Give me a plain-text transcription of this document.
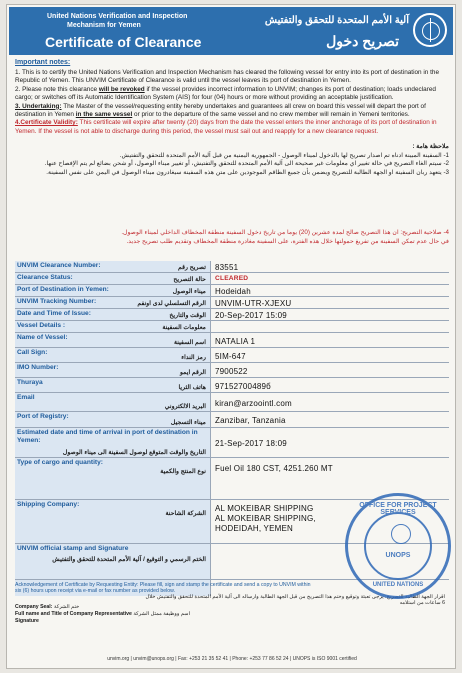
United Nations Verification and Inspection
Mechanism for Yemen
Certificate of Clearance
آلية الأمم المتحدة للتحقق والتفتيش
تصريح دخول
Important notes:
1. This is to certify the United Nations Verification and Inspection Mechanism has cleared the following vessel for entry into its port of destination in the Republic of Yemen. This UNVIM Certificate of Clearance is valid until the vessel leaves its port of destination in Yemen.
2. Please note this clearance will be revoked if the vessel provides incorrect information to UNVIM; changes its port of destination; loads undeclared cargo; or switches off its Automatic Identification System (AIS) for four (04) hours or more without providing an acceptable justification.
3. Undertaking: The Master of the vessel/requesting entity hereby undertakes and guarantees all crew on board this vessel will depart the port of destination in Yemen in the same vessel or prior to the departure of the same vessel and no crew member will remain in Yemeni territories.
4.Certificate Validity: This certificate will expire after twenty (20) days from the date the vessel enters the inner anchorage of its port of destination in Yemen. If the vessel is not able to discharge during this period, the vessel must sail out and reapply for a new clearance request.
ملاحظة هامة :
1- السفينة المبينة ادناه تم اصدار تصريح لها بالدخول لميناء الوصول - الجمهورية اليمنية من قبل آلية الأمم المتحدة للتحقق والتفتيش.
2- سيتم الغاء التصريح في حالة تغيير اي معلومات غير صحيحة الى آلية الأمم المتحدة للتحقق والتفتيش، أو تغيير ميناء الوصول، أو شحن بضائع لم يتم الإفصاح عنها.
3- يتعهد ربان السفينة او الجهة الطالبة للتصريح ويضمن بأن جميع الطاقم الموجودين على متن هذه السفينة سيغادرون ميناء الوصول في اليمن على نفس السفينة.
4- صلاحية التصريح: ان هذا التصريح صالح لمدة عشرين (20) يوما من تاريخ دخول السفينة منطقة المخطاف الداخلي لميناء الوصول.
في حال عدم تمكن السفينة من تفريغ حمولتها خلال هذه الفترة، على السفينة مغادرة منطقة المخطاف وتقديم طلب تصريح جديد.
UNVIM Clearance Number:	تصريح رقم 83551
Clearance Status:	حالة التصريح CLEARED
Port of Destination in Yemen:	ميناء الوصول Hodeidah
UNVIM Tracking Number:	الرقم التسلسلي لدى اونفم UNVIM-UTR-XJEXU
Date and Time of Issue:	الوقت والتاريخ 20-Sep-2017 15:09
Vessel Details :	معلومات السفينة
Name of Vessel:
اسم السفينة NATALIA 1
Call Sign:
رمز النداء 5IM-647
IMO Number:
الرقم ايمو 7900522
Thuraya
هاتف الثريا 97152700489б
Email
البريد الالكتروني kiran@arzoointl.com
Port of Registry:
ميناء التسجيل Zanzibar, Tanzania
Estimated date and time of arrival in port of destination in Yemen:
التاريخ والوقت المتوقع لوصول السفينة الى ميناء الوصول
21-Sep-2017 18:09
Type of cargo and quantity:
نوع المنتج والكمية Fuel Oil 180 CST, 4251.260 MT
Shipping Company:
الشركة الشاحنة
AL MOKEIBAR SHIPPING
AL MOKEIBAR SHIPPING,
HODEIDAH, YEMEN
UNVIM official stamp and Signature
الختم الرسمي و التوقيع / آلية الأمم المتحدة للتحقق والتفتيش
Acknowledgement of Certificate by Requesting Entity: Please fill, sign and stamp the certificate and send a copy to UNVIM within six (6) hours upon receipt via e-mail or fax number as provided below.
اقرار الجهة الطالبة للتصريح: يرجى تعبئة وتوقيع وختم هذا التصريح من قبل الجهة الطالبة وارساله الى آلية الأمم المتحدة للتحقق والتفتيش خلال 6 ساعات من استلامه
Company Seal: ختم الشركة
Full name and Title of Company Representative اسم ووظيفة ممثل الشركة
Signature
unvim.org | unvim@unops.org | Fax: +253 21 35 52 41 | Phone: +253 77 86 52 24 | UNOPS is ISO 9001 certified
OFFICE FOR PROJECT SERVICES
UNOPS
UNITED NATIONS
